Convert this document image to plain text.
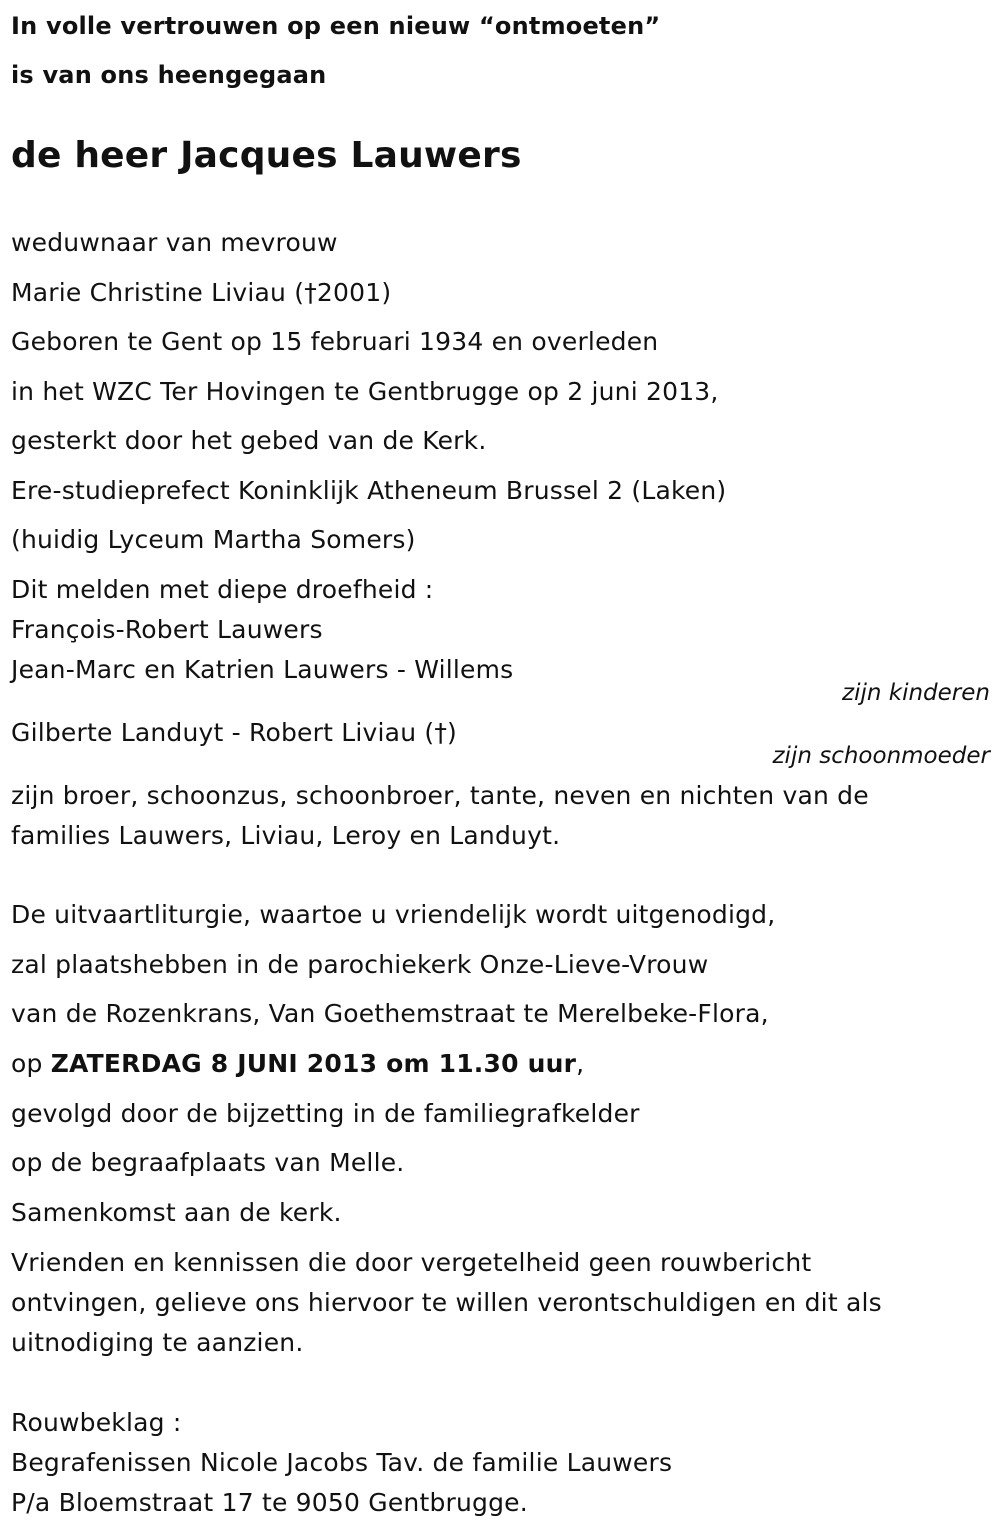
In volle vertrouwen op een nieuw “ontmoeten”
is van ons heengegaan
de heer Jacques Lauwers
weduwnaar van mevrouw
Marie Christine Liviau (†2001)
Geboren te Gent op 15 februari 1934 en overleden
in het WZC Ter Hovingen te Gentbrugge op 2 juni 2013,
gesterkt door het gebed van de Kerk.
Ere-studieprefect Koninklijk Atheneum Brussel 2 (Laken)
(huidig Lyceum Martha Somers)
Dit melden met diepe droefheid :
François-Robert Lauwers
Jean-Marc en Katrien Lauwers - Willems
zijn kinderen
Gilberte Landuyt - Robert Liviau (†)
zijn schoonmoeder
zijn broer, schoonzus, schoonbroer, tante, neven en nichten van de
families Lauwers, Liviau, Leroy en Landuyt.
De uitvaartliturgie, waartoe u vriendelijk wordt uitgenodigd,
zal plaatshebben in de parochiekerk Onze-Lieve-Vrouw
van de Rozenkrans, Van Goethemstraat te Merelbeke-Flora,
op ZATERDAG 8 JUNI 2013 om 11.30 uur,
gevolgd door de bijzetting in de familiegrafkelder
op de begraafplaats van Melle.
Samenkomst aan de kerk.
Vrienden en kennissen die door vergetelheid geen rouwbericht
ontvingen, gelieve ons hiervoor te willen verontschuldigen en dit als
uitnodiging te aanzien.
Rouwbeklag :
Begrafenissen Nicole Jacobs Tav. de familie Lauwers
P/a Bloemstraat 17 te 9050 Gentbrugge.
